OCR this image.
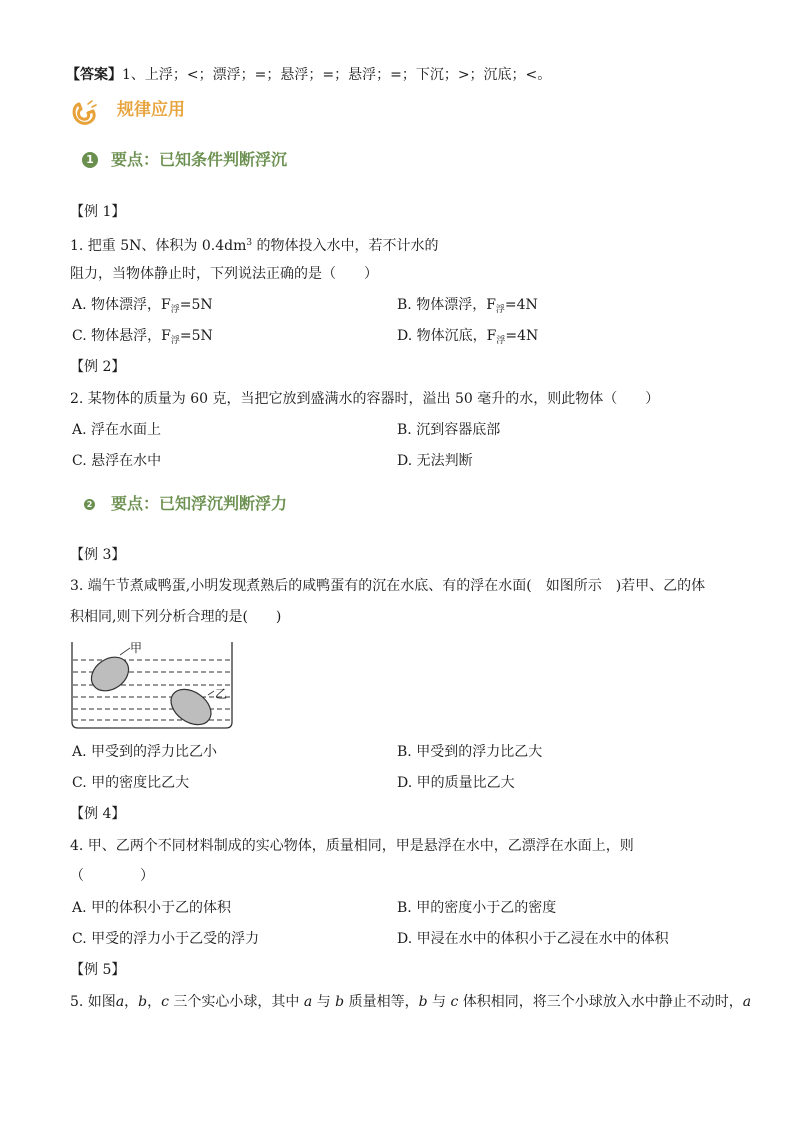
【答案】1、上浮；<；漂浮；=；悬浮；=；悬浮；=；下沉；>；沉底；<。
规律应用
1 要点：已知条件判断浮沉
【例 1】
1. 把重 5N、体积为 $0.4dm^3$ 的物体投入水中，若不计水的
阻力，当物体静止时，下列说法正确的是（　　）
A. 物体漂浮，$F_浮=5N$	B. 物体漂浮，$F_浮=4N$
C. 物体悬浮，$F_浮=5N$	D. 物体沉底，$F_浮=4N$
【例 2】
2. 某物体的质量为 60 克，当把它放到盛满水的容器时，溢出 50 毫升的水，则此物体（　　）
A. 浮在水面上	B. 沉到容器底部
C. 悬浮在水中	D. 无法判断
2 要点：已知浮沉判断浮力
【例 3】
3. 端午节煮咸鸭蛋,小明发现煮熟后的咸鸭蛋有的沉在水底、有的浮在水面(　如图所示　)若甲、乙的体
积相同,则下列分析合理的是(　　)
甲
乙
A. 甲受到的浮力比乙小	B. 甲受到的浮力比乙大
C. 甲的密度比乙大	D. 甲的质量比乙大
【例 4】
4. 甲、乙两个不同材料制成的实心物体，质量相同，甲是悬浮在水中，乙漂浮在水面上，则
（　　　　）
A. 甲的体积小于乙的体积	B. 甲的密度小于乙的密度
C. 甲受的浮力小于乙受的浮力	D. 甲浸在水中的体积小于乙浸在水中的体积
【例 5】
5. 如图a，b，c 三个实心小球，其中 a 与 b 质量相等，b 与 c 体积相同，将三个小球放入水中静止不动时，a
